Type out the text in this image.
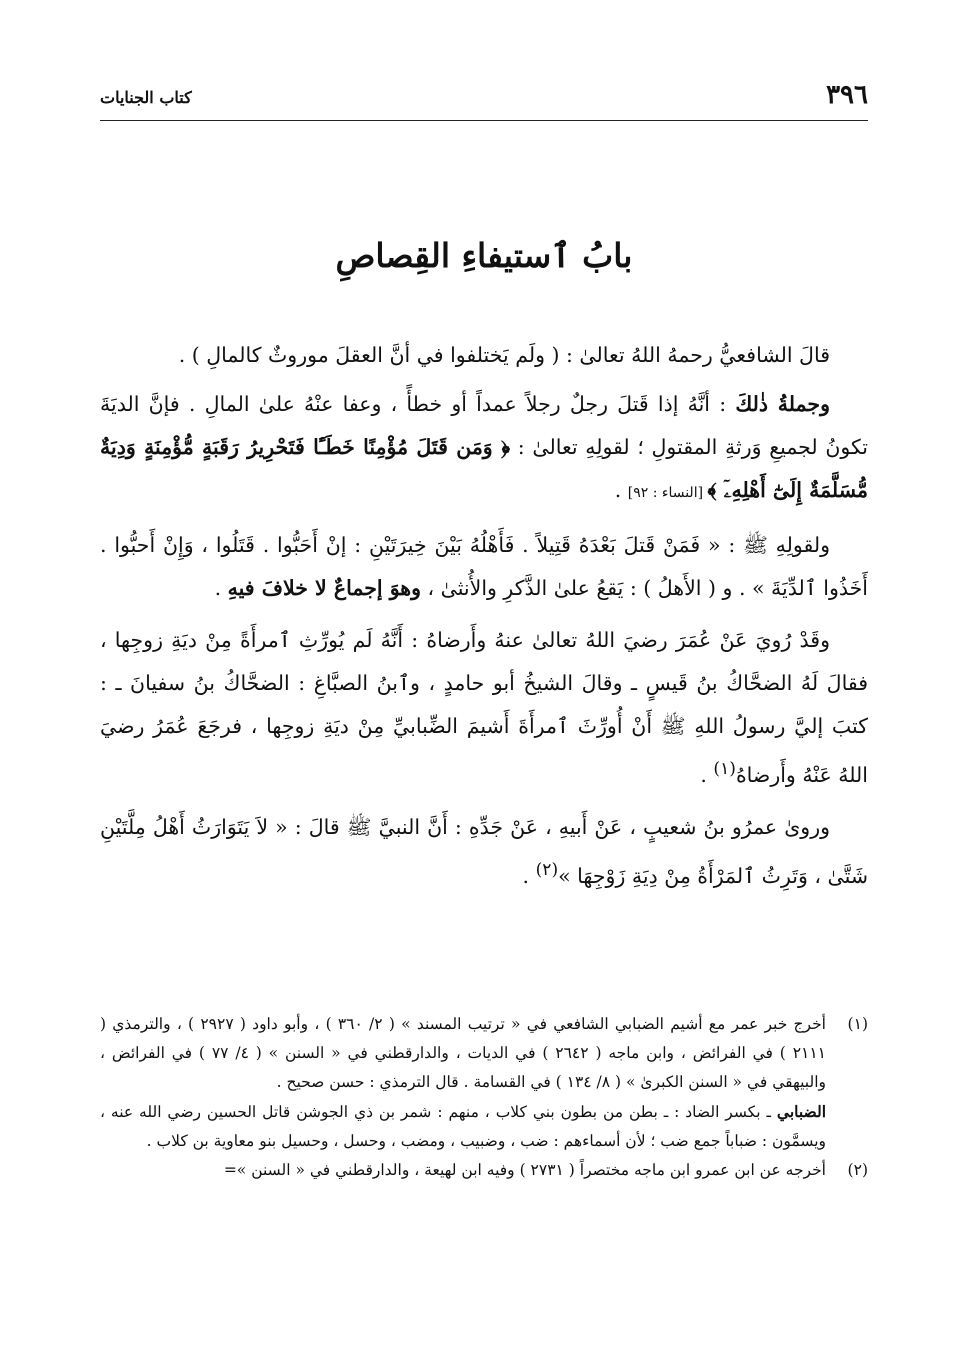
٣٩٦
كتاب الجنايات
بابُ ٱستيفاءِ القِصاصِ

قالَ الشافعيُّ رحمهُ اللهُ تعالىٰ : ( ولَم يَختلفوا في أنَّ العقلَ موروثٌ كالمالِ ) .

وجملةُ ذٰلكَ : أنَّهُ إذا قَتلَ رجلٌ رجلاً عمداً أو خطأً ، وعفا عنْهُ علىٰ المالِ . فإنَّ الديَةَ تكونُ لجميعِ وَرثةِ المقتولِ ؛ لقولِهِ تعالىٰ : ﴿ وَمَن قَتَلَ مُؤْمِنًا خَطَـًٔا فَتَحْرِيرُ رَقَبَةٍ مُّؤْمِنَةٍ وَدِيَةٌ مُّسَلَّمَةٌ إِلَىٰٓ أَهْلِهِۦٓ ﴾ [النساء : ٩٢] .

ولقولِهِ ﷺ : « فَمَنْ قَتلَ بَعْدَهُ قَتِيلاً . فَأَهْلُهُ بَيْنَ خِيرَتَيْنِ : إنْ أَحَبُّوا . قَتَلُوا ، وَإِنْ أَحبُّوا . أَخَذُوا ٱلدِّيَةَ » . و ( الأَهلُ ) : يَقعُ علىٰ الذَّكرِ والأُنثىٰ ، وهوَ إجماعٌ لا خلافَ فيهِ .

وقَدْ رُويَ عَنْ عُمَرَ رضيَ اللهُ تعالىٰ عنهُ وأَرضاهُ : أَنَّهُ لَم يُورِّثِ ٱمرأَةً مِنْ ديَةِ زوجِها ، فقالَ لَهُ الضحَّاكُ بنُ قَيسٍ ـ وقالَ الشيخُ أبو حامدٍ ، وٱبنُ الصبَّاغِ : الضحَّاكُ بنُ سفيانَ ـ : كتبَ إليَّ رسولُ اللهِ ﷺ أَنْ أُورِّثَ ٱمرأَةَ أَشيمَ الضِّبابيِّ مِنْ ديَةِ زوجِها ، فرجَعَ عُمَرُ رضيَ اللهُ عَنْهُ وأَرضاهُ$^{(١)}$ .

وروىٰ عمرُو بنُ شعيبٍ ، عَنْ أَبيهِ ، عَنْ جَدِّهِ : أَنَّ النبيَّ ﷺ قالَ : « لاَ يَتَوَارَثُ أَهْلُ مِلَّتَيْنِ شَتَّىٰ ، وَتَرِثُ ٱلمَرْأَةُ مِنْ دِيَةِ زَوْجِهَا »$^{(٢)}$ .

(١)
أخرج خبر عمر مع أشيم الضبابي الشافعي في « ترتيب المسند » ( ٢/ ٣٦٠ ) ، وأبو داود ( ٢٩٢٧ ) ، والترمذي ( ٢١١١ ) في الفرائض ، وابن ماجه ( ٢٦٤٢ ) في الديات ، والدارقطني في « السنن » ( ٤/ ٧٧ ) في الفرائض ، والبيهقي في « السنن الكبرىٰ » ( ٨/ ١٣٤ ) في القسامة . قال الترمذي : حسن صحيح .
الضبابي ـ بكسر الضاد : ـ بطن من بطون بني كلاب ، منهم : شمر بن ذي الجوشن قاتل الحسين رضي الله عنه ، ويسمَّون : ضباباً جمع ضب ؛ لأن أسماءهم : ضب ، وضبيب ، ومضب ، وحسل ، وحسيل بنو معاوية بن كلاب .
(٢)
أخرجه عن ابن عمرو ابن ماجه مختصراً ( ٢٧٣١ ) وفيه ابن لهيعة ، والدارقطني في « السنن »=
